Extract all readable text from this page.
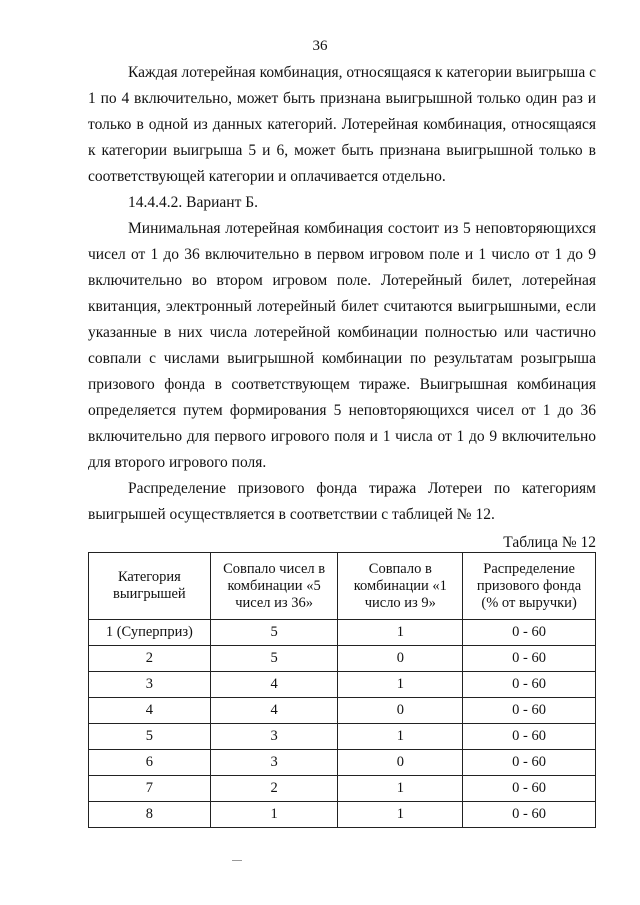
36

Каждая лотерейная комбинация, относящаяся к категории выигрыша с 1 по 4 включительно, может быть признана выигрышной только один раз и только в одной из данных категорий. Лотерейная комбинация, относящаяся к категории выигрыша 5 и 6, может быть признана выигрышной только в соответствующей категории и оплачивается отдельно.

14.4.4.2. Вариант Б.

Минимальная лотерейная комбинация состоит из 5 неповторяющихся чисел от 1 до 36 включительно в первом игровом поле и 1 число от 1 до 9 включительно во втором игровом поле. Лотерейный билет, лотерейная квитанция, электронный лотерейный билет считаются выигрышными, если указанные в них числа лотерейной комбинации полностью или частично совпали с числами выигрышной комбинации по результатам розыгрыша призового фонда в соответствующем тираже. Выигрышная комбинация определяется путем формирования 5 неповторяющихся чисел от 1 до 36 включительно для первого игрового поля и 1 числа от 1 до 9 включительно для второго игрового поля.

Распределение призового фонда тиража Лотереи по категориям выигрышей осуществляется в соответствии с таблицей № 12.

Таблица № 12
Категория выигрышей	Совпало чисел в комбинации «5 чисел из 36»	Совпало в комбинации «1 число из 9»	Распределение призового фонда (% от выручки)
1 (Суперприз)	5	1	0 - 60
2	5	0	0 - 60
3	4	1	0 - 60
4	4	0	0 - 60
5	3	1	0 - 60
6	3	0	0 - 60
7	2	1	0 - 60
8	1	1	0 - 60
